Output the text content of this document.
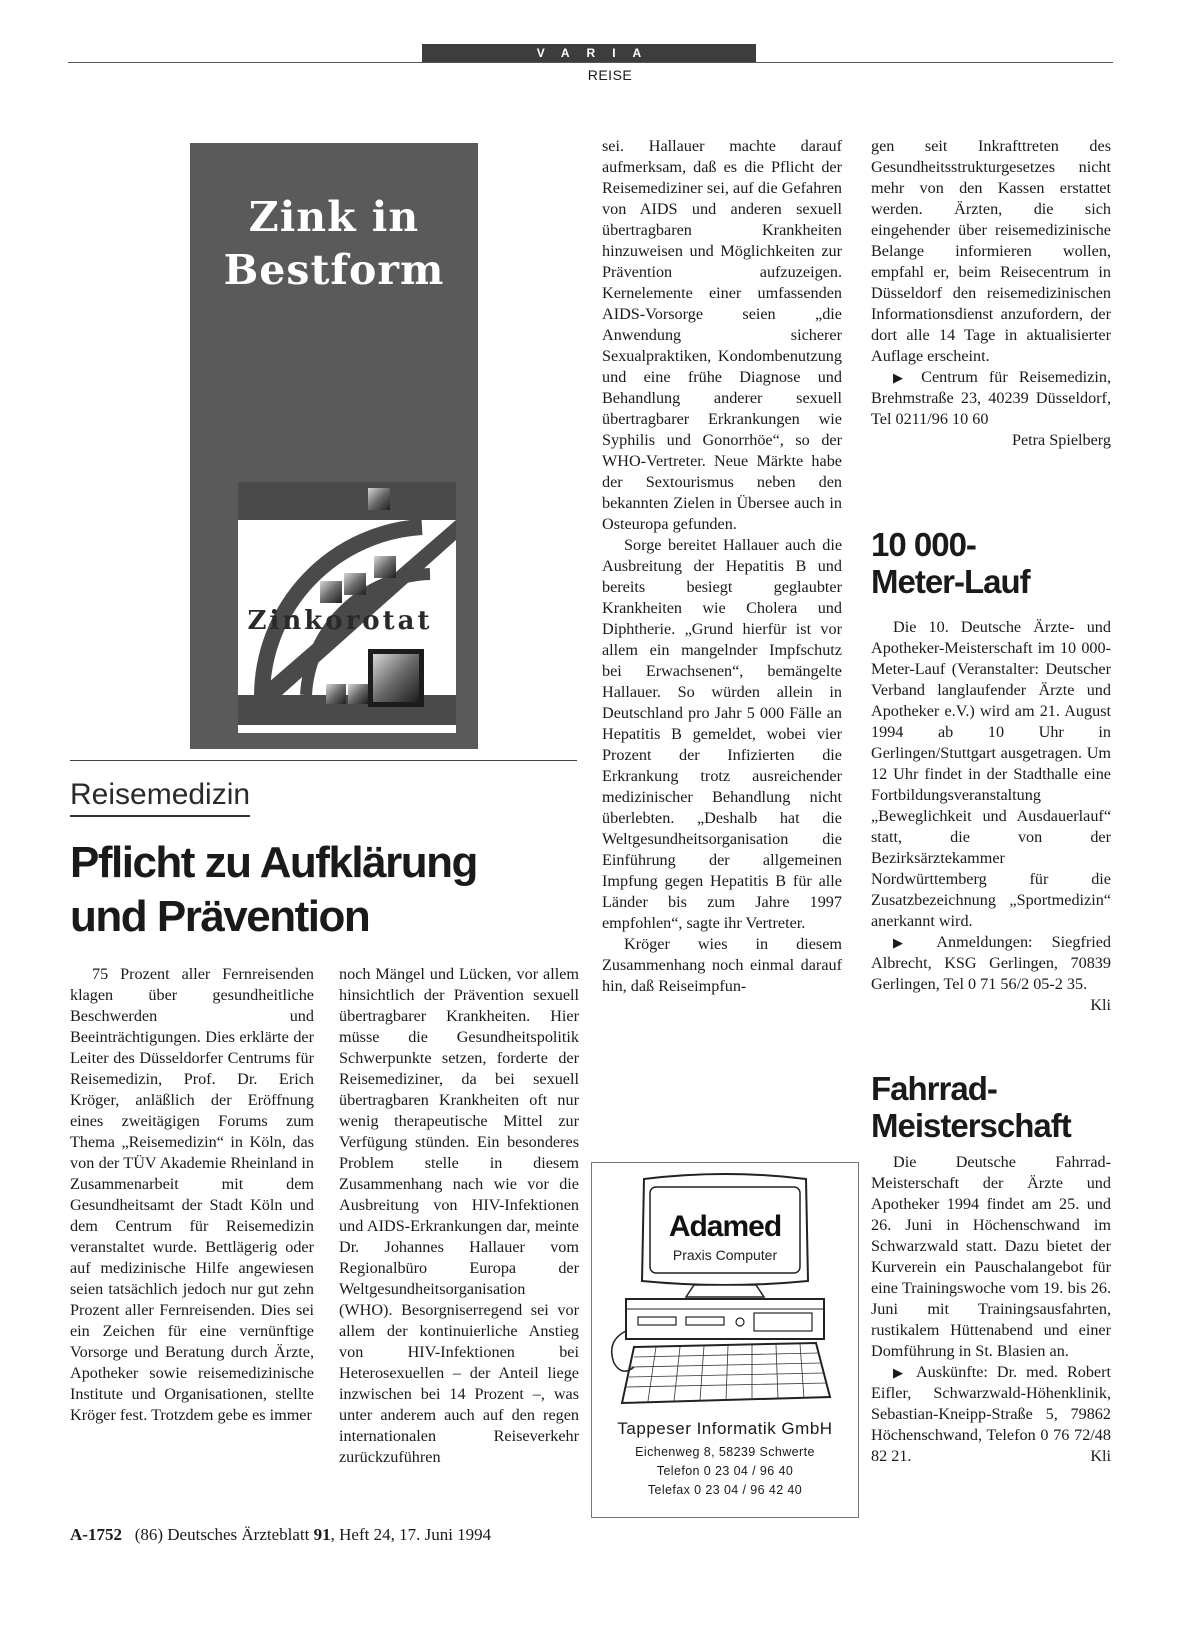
VARIA
REISE
Zink in
Bestform
Zinkorotat
Reisemedizin
Pflicht zu Aufklärung
und Prävention

75 Prozent aller Fernreisenden klagen über gesundheitliche Beschwerden und Beeinträchtigungen. Dies erklärte der Leiter des Düsseldorfer Centrums für Reisemedizin, Prof. Dr. Erich Kröger, anläßlich der Eröffnung eines zweitägigen Forums zum Thema „Reisemedizin“ in Köln, das von der TÜV Akademie Rheinland in Zusammenarbeit mit dem Gesundheitsamt der Stadt Köln und dem Centrum für Reisemedizin veranstaltet wurde. Bettlägerig oder auf medizinische Hilfe angewiesen seien tatsächlich jedoch nur gut zehn Prozent aller Fernreisenden. Dies sei ein Zeichen für eine vernünftige Vorsorge und Beratung durch Ärzte, Apotheker sowie reisemedizinische Institute und Organisationen, stellte Kröger fest. Trotzdem gebe es immer

noch Mängel und Lücken, vor allem hinsichtlich der Prävention sexuell übertragbarer Krankheiten. Hier müsse die Gesundheitspolitik Schwerpunkte setzen, forderte der Reisemediziner, da bei sexuell übertragbaren Krankheiten oft nur wenig therapeutische Mittel zur Verfügung stünden. Ein besonderes Problem stelle in diesem Zusammenhang nach wie vor die Ausbreitung von HIV-Infektionen und AIDS-Erkrankungen dar, meinte Dr. Johannes Hallauer vom Regionalbüro Europa der Weltgesundheitsorganisation (WHO). Besorgniserregend sei vor allem der kontinuierliche Anstieg von HIV-Infektionen bei Heterosexuellen – der Anteil liege inzwischen bei 14 Prozent –, was unter anderem auch auf den regen internationalen Reiseverkehr zurückzuführen

sei. Hallauer machte darauf aufmerksam, daß es die Pflicht der Reisemediziner sei, auf die Gefahren von AIDS und anderen sexuell übertragbaren Krankheiten hinzuweisen und Möglichkeiten zur Prävention aufzuzeigen. Kernelemente einer umfassenden AIDS-Vorsorge seien „die Anwendung sicherer Sexualpraktiken, Kondombenutzung und eine frühe Diagnose und Behandlung anderer sexuell übertragbarer Erkrankungen wie Syphilis und Gonorrhöe“, so der WHO-Vertreter. Neue Märkte habe der Sextourismus neben den bekannten Zielen in Übersee auch in Osteuropa gefunden.

Sorge bereitet Hallauer auch die Ausbreitung der Hepatitis B und bereits besiegt geglaubter Krankheiten wie Cholera und Diphtherie. „Grund hierfür ist vor allem ein mangelnder Impfschutz bei Erwachsenen“, bemängelte Hallauer. So würden allein in Deutschland pro Jahr 5 000 Fälle an Hepatitis B gemeldet, wobei vier Prozent der Infizierten die Erkrankung trotz ausreichender medizinischer Behandlung nicht überlebten. „Deshalb hat die Weltgesundheitsorganisation die Einführung der allgemeinen Impfung gegen Hepatitis B für alle Länder bis zum Jahre 1997 empfohlen“, sagte ihr Vertreter.

Kröger wies in diesem Zusammenhang noch einmal darauf hin, daß Reiseimpfun-

gen seit Inkrafttreten des Gesundheitsstrukturgesetzes nicht mehr von den Kassen erstattet werden. Ärzten, die sich eingehender über reisemedizinische Belange informieren wollen, empfahl er, beim Reisecentrum in Düsseldorf den reisemedizinischen Informationsdienst anzufordern, der dort alle 14 Tage in aktualisierter Auflage erscheint.

▶ Centrum für Reisemedizin, Brehmstraße 23, 40239 Düsseldorf, Tel 0211/96 10 60

Petra Spielberg

10 000-
Meter-Lauf

Die 10. Deutsche Ärzte- und Apotheker-Meisterschaft im 10 000-Meter-Lauf (Veranstalter: Deutscher Verband langlaufender Ärzte und Apotheker e.V.) wird am 21. August 1994 ab 10 Uhr in Gerlingen/Stuttgart ausgetragen. Um 12 Uhr findet in der Stadthalle eine Fortbildungsveranstaltung „Beweglichkeit und Ausdauerlauf“ statt, die von der Bezirksärztekammer Nordwürttemberg für die Zusatzbezeichnung „Sportmedizin“ anerkannt wird.

▶ Anmeldungen: Siegfried Albrecht, KSG Gerlingen, 70839 Gerlingen, Tel 0 71 56/2 05-2 35.
Kli

Fahrrad-
Meisterschaft

Die Deutsche Fahrrad-Meisterschaft der Ärzte und Apotheker 1994 findet am 25. und 26. Juni in Höchenschwand im Schwarzwald statt. Dazu bietet der Kurverein ein Pauschalangebot für eine Trainingswoche vom 19. bis 26. Juni mit Trainingsausfahrten, rustikalem Hüttenabend und einer Domführung in St. Blasien an.

▶ Auskünfte: Dr. med. Robert Eifler, Schwarzwald-Höhenklinik, Sebastian-Kneipp-Straße 5, 79862 Höchenschwand, Telefon 0 76 72/48 82 21.	Kli

Adamed
Praxis Computer
Tappeser Informatik GmbH
Eichenweg 8, 58239 Schwerte
Telefon 0 23 04 / 96 40
Telefax 0 23 04 / 96 42 40
A-1752 (86) Deutsches Ärzteblatt 91, Heft 24, 17. Juni 1994
